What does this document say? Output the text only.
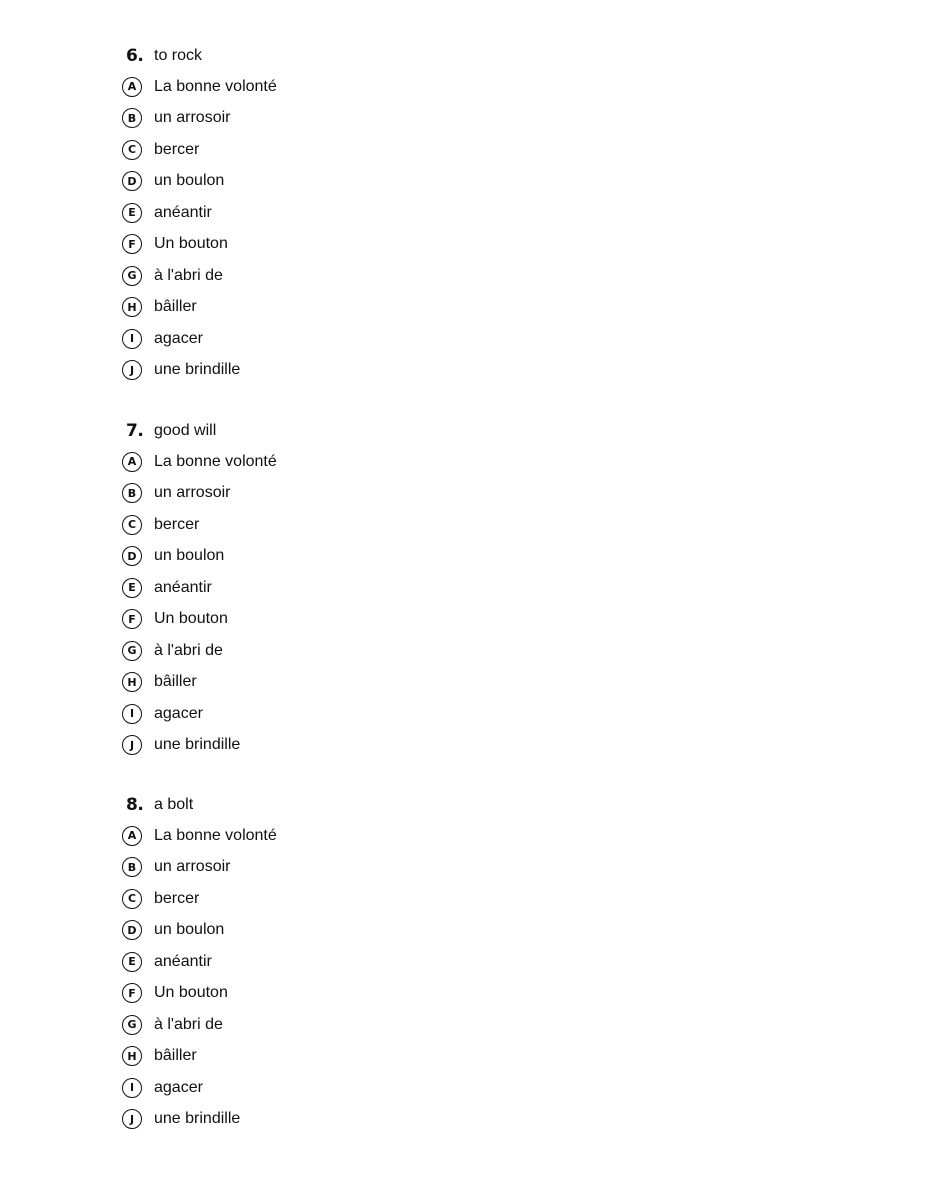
6. to rock
A	La bonne volonté
B	un arrosoir
C	bercer
D	un boulon
E	anéantir
F	Un bouton
G	à l'abri de
H	bâiller
I	agacer
J	une brindille
7. good will
A	La bonne volonté
B	un arrosoir
C	bercer
D	un boulon
E	anéantir
F	Un bouton
G	à l'abri de
H	bâiller
I	agacer
J	une brindille
8. a bolt
A	La bonne volonté
B	un arrosoir
C	bercer
D	un boulon
E	anéantir
F	Un bouton
G	à l'abri de
H	bâiller
I	agacer
J	une brindille
